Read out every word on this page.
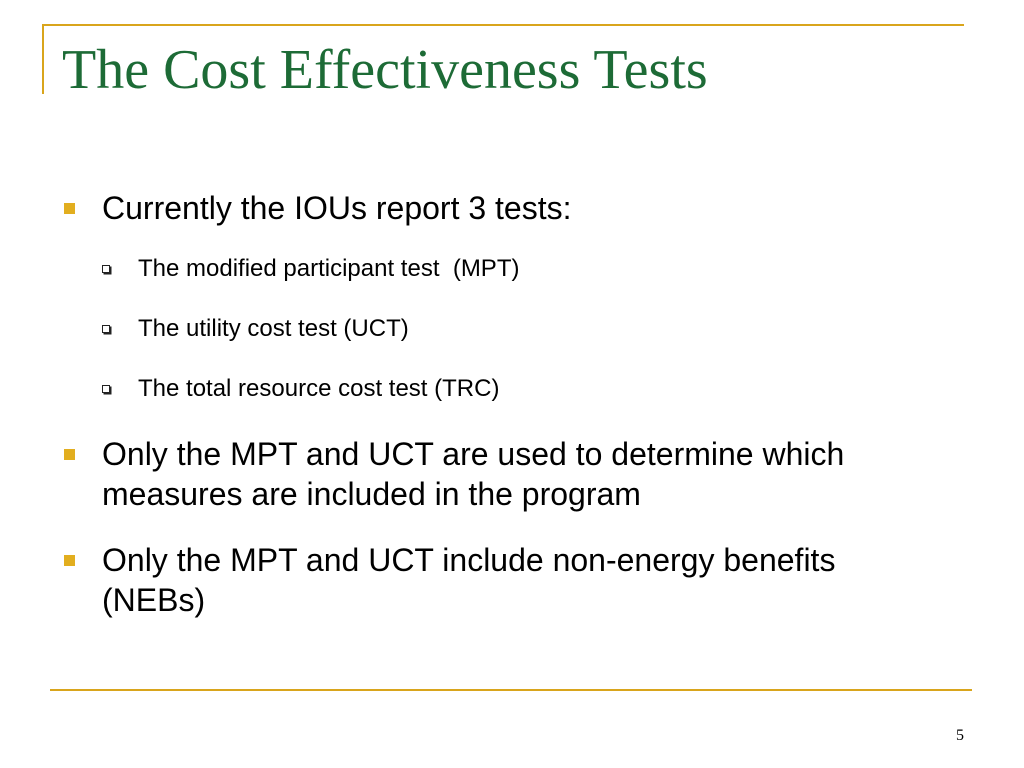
The Cost Effectiveness Tests
Currently the IOUs report 3 tests:
The modified participant test  (MPT)
The utility cost test (UCT)
The total resource cost test (TRC)
Only the MPT and UCT are used to determine which measures are included in the program
Only the MPT and UCT include non-energy benefits (NEBs)
5
